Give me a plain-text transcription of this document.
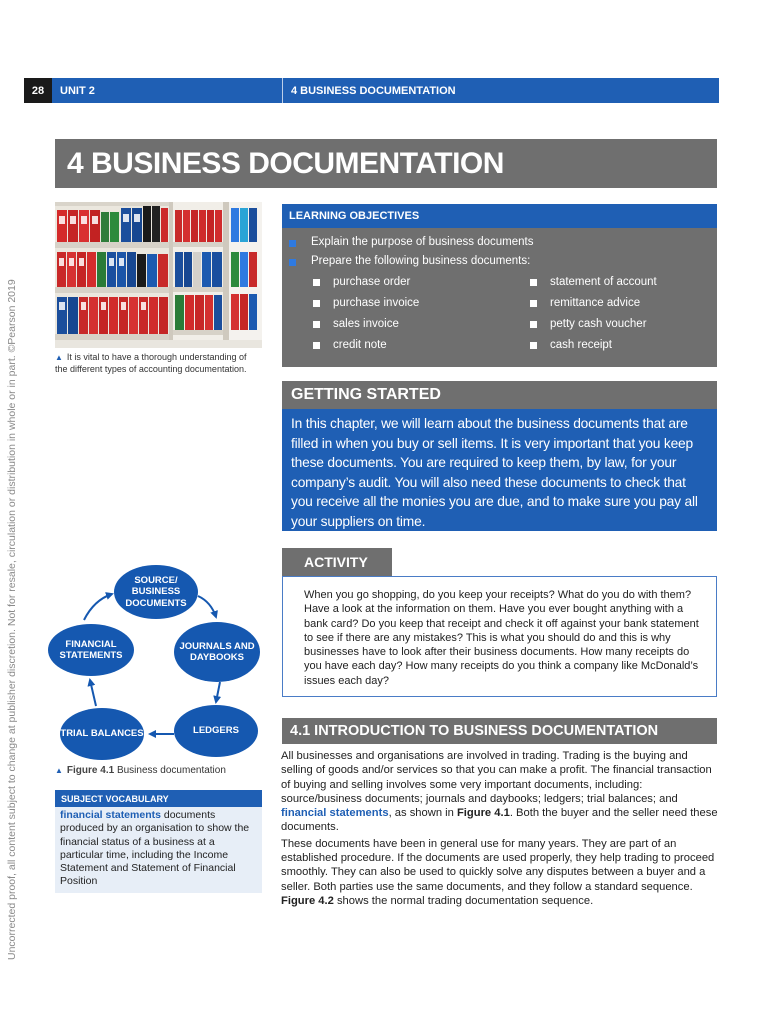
28	UNIT 2	4 BUSINESS DOCUMENTATION
Uncorrected proof, all content subject to change at publisher discretion. Not for resale, circulation or distribution in whole or in part. ©Pearson 2019
4 BUSINESS DOCUMENTATION
▲ It is vital to have a thorough understanding of the different types of accounting documentation.
LEARNING OBJECTIVES
Explain the purpose of business documents
Prepare the following business documents:
purchase order
purchase invoice
sales invoice
credit note
statement of account
remittance advice
petty cash voucher
cash receipt
GETTING STARTED
In this chapter, we will learn about the business documents that are filled in when you buy or sell items. It is very important that you keep these documents. You are required to keep them, by law, for your company’s audit. You will also need these documents to check that you receive all the monies you are due, and to make sure you pay all your suppliers on time.
ACTIVITY
When you go shopping, do you keep your receipts? What do you do with them? Have a look at the information on them. Have you ever bought anything with a bank card? Do you keep that receipt and check it off against your bank statement to see if there are any mistakes? This is what you should do and this is why businesses have to look after their business documents. How many receipts do you have each day? How many receipts do you think a company like McDonald’s issues each day?
SOURCE/ BUSINESS DOCUMENTS
JOURNALS AND DAYBOOKS
LEDGERS
TRIAL BALANCES
FINANCIAL STATEMENTS
▲ Figure 4.1 Business documentation
SUBJECT VOCABULARY
financial statements documents produced by an organisation to show the financial status of a business at a particular time, including the Income Statement and Statement of Financial Position
4.1 INTRODUCTION TO BUSINESS DOCUMENTATION

All businesses and organisations are involved in trading. Trading is the buying and selling of goods and/or services so that you can make a profit. The financial transaction of buying and selling involves some very important documents, including: source/business documents; journals and daybooks; ledgers; trial balances; and financial statements, as shown in Figure 4.1. Both the buyer and the seller need these documents.

These documents have been in general use for many years. They are part of an established procedure. If the documents are used properly, they help trading to proceed smoothly. They can also be used to quickly solve any disputes between a buyer and a seller. Both parties use the same documents, and they follow a standard sequence. Figure 4.2 shows the normal trading documentation sequence.
